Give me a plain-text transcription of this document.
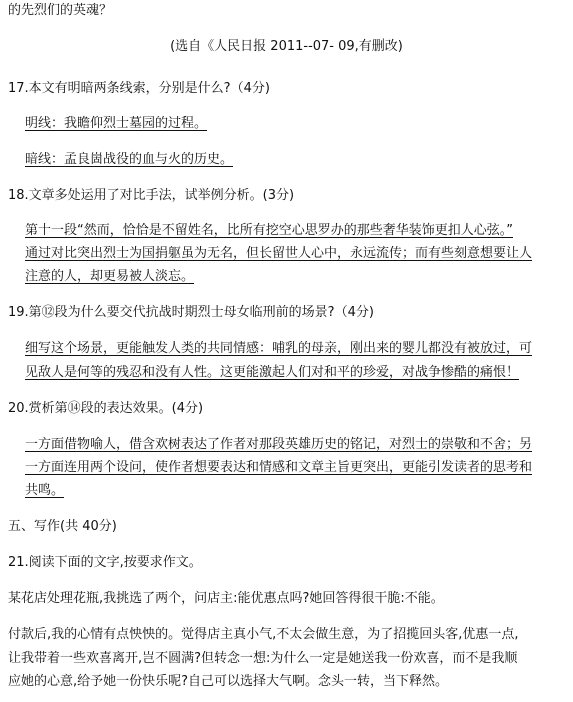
的先烈们的英魂？
(选自《人民日报 2011--07- 09,有删改)
17.本文有明暗两条线索，分别是什么?（4分)
明线：我瞻仰烈士墓园的过程。
暗线：孟良崮战役的血与火的历史。
18.文章多处运用了对比手法，试举例分析。(3分)
第十一段“然而，恰恰是不留姓名，比所有挖空心思罗办的那些奢华装饰更扣人心弦。”
通过对比突出烈士为国捐躯虽为无名，但长留世人心中，永远流传；而有些刻意想要让人
注意的人，却更易被人淡忘。
19.第⑫段为什么要交代抗战时期烈士母女临刑前的场景?（4分)
细写这个场景，更能触发人类的共同情感：哺乳的母亲，刚出来的婴儿都没有被放过，可
见敌人是何等的残忍和没有人性。这更能激起人们对和平的珍爱，对战争惨酷的痛恨！
20.赏析第⑭段的表达效果。(4分)
一方面借物喻人，借含欢树表达了作者对那段英雄历史的铭记，对烈士的崇敬和不舍；另
一方面连用两个设问，使作者想要表达和情感和文章主旨更突出，更能引发读者的思考和
共鸣。
五、写作(共 40分)
21.阅读下面的文字,按要求作文。
某花店处理花瓶,我挑选了两个，问店主:能优惠点吗?她回答得很干脆:不能。
付款后,我的心情有点怏怏的。觉得店主真小气,不太会做生意，为了招揽回头客,优惠一点,
让我带着一些欢喜离开,岂不圆满?但转念一想:为什么一定是她送我一份欢喜，而不是我顺
应她的心意,给予她一份快乐呢?自己可以选择大气啊。念头一转，当下释然。
